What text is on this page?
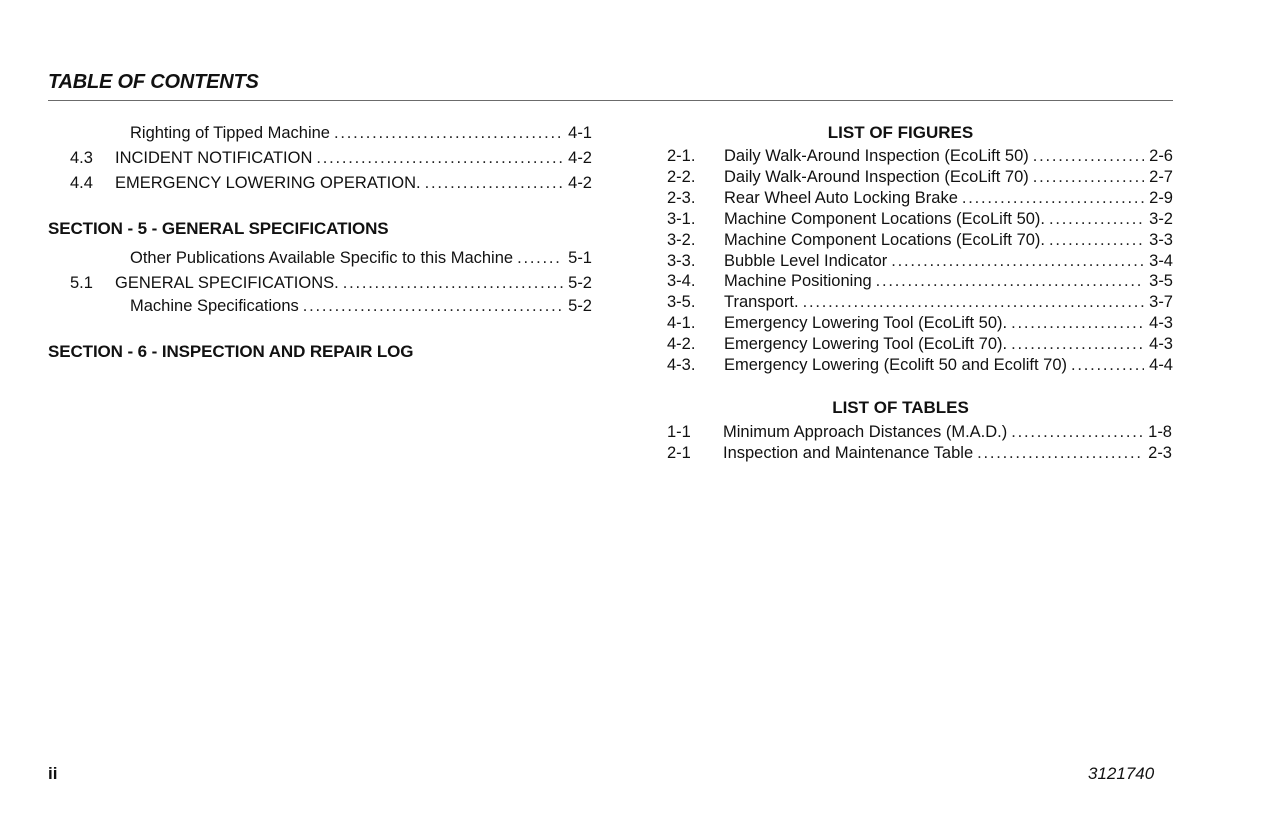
TABLE OF CONTENTS
Righting of Tipped Machine . . .	4-1
4.3	INCIDENT NOTIFICATION . . .	4-2
4.4	EMERGENCY LOWERING OPERATION. . . .	4-2
SECTION - 5 - GENERAL SPECIFICATIONS
Other Publications Available Specific to this Machine . . .	5-1
5.1	GENERAL SPECIFICATIONS. . . .	5-2
Machine Specifications . . .	5-2
SECTION - 6 - INSPECTION AND REPAIR LOG
LIST OF FIGURES
2-1.	Daily Walk-Around Inspection (EcoLift 50) . . .	2-6
2-2.	Daily Walk-Around Inspection (EcoLift 70) . . .	2-7
2-3.	Rear Wheel Auto Locking Brake . . .	2-9
3-1.	Machine Component Locations (EcoLift 50). . . .	3-2
3-2.	Machine Component Locations (EcoLift 70). . . .	3-3
3-3.	Bubble Level Indicator . . .	3-4
3-4.	Machine Positioning . . .	3-5
3-5.	Transport. . . .	3-7
4-1.	Emergency Lowering Tool (EcoLift 50). . . .	4-3
4-2.	Emergency Lowering Tool (EcoLift 70). . . .	4-3
4-3.	Emergency Lowering (Ecolift 50 and Ecolift 70) . . .	4-4
LIST OF TABLES
1-1	Minimum Approach Distances (M.A.D.) . . .	1-8
2-1	Inspection and Maintenance Table . . .	2-3
ii	3121740
